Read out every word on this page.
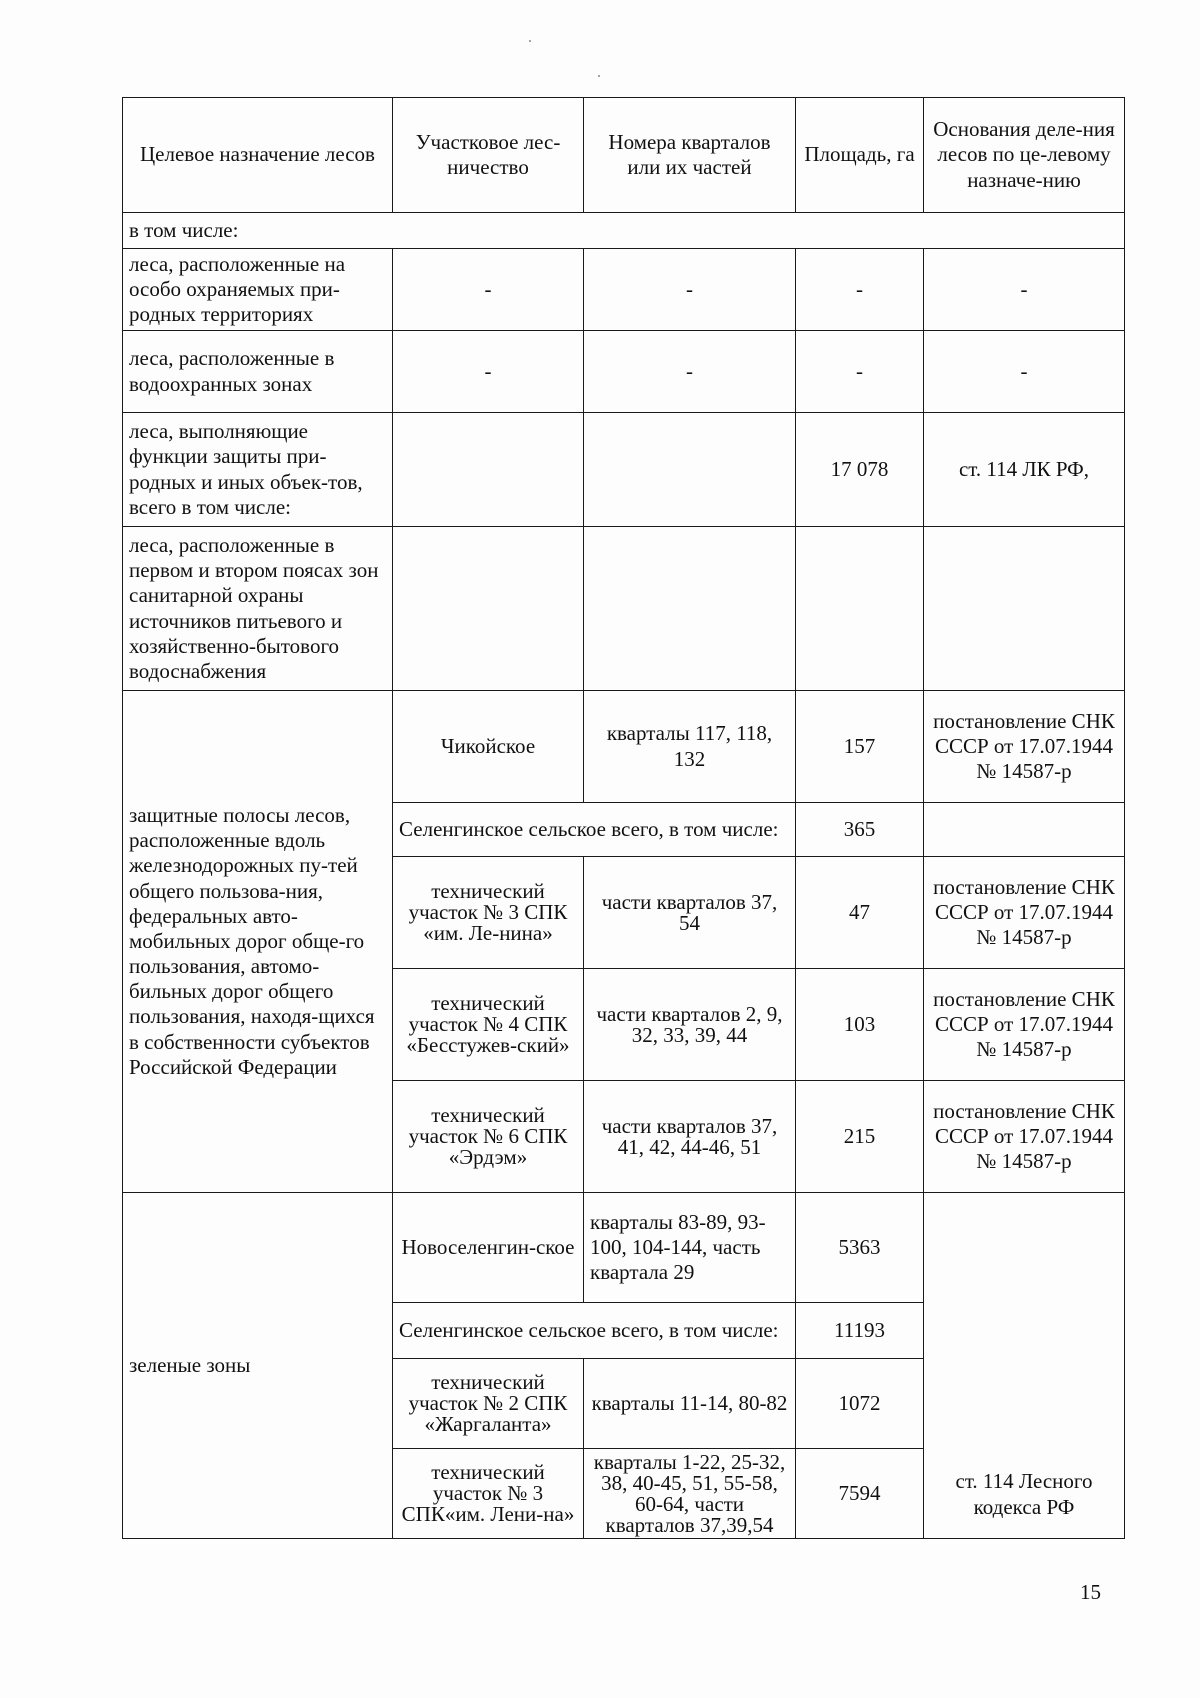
Целевое назначение лесов	Участковое лес-ничество	Номера кварталов или их частей	Площадь, га	Основания деле-ния лесов по це-левому назначе-нию
в том числе:				
леса, расположенные на особо охраняемых при-родных территориях	-	-	-	-
леса, расположенные в водоохранных зонах	-	-	-	-
леса, выполняющие функции защиты при-родных и иных объек-тов, всего в том числе:			17 078	ст. 114 ЛК РФ,
леса, расположенные в первом и втором поясах зон санитарной охраны источников питьевого и хозяйственно-бытового водоснабжения				
защитные полосы лесов, расположенные вдоль железнодорожных пу-тей общего пользова-ния, федеральных авто-мобильных дорог обще-го пользования, автомо-бильных дорог общего пользования, находя-щихся в собственности субъектов Российской Федерации	Чикойское	кварталы 117, 118, 132	157	постановление СНК СССР от 17.07.1944 № 14587-р
	Селенгинское сельское всего, в том числе:		365	
	технический участок № 3 СПК «им. Ле-нина»	части кварталов 37, 54	47	постановление СНК СССР от 17.07.1944 № 14587-р
	технический участок № 4 СПК «Бесстужев-ский»	части кварталов 2, 9, 32, 33, 39, 44	103	постановление СНК СССР от 17.07.1944 № 14587-р
	технический участок № 6 СПК «Эрдэм»	части кварталов 37, 41, 42, 44-46, 51	215	постановление СНК СССР от 17.07.1944 № 14587-р
зеленые зоны	Новоселенгин-ское	кварталы 83-89, 93-100, 104-144, часть квартала 29	5363	ст. 114 Лесного кодекса РФ
	Селенгинское сельское всего, в том числе:		11193	
	технический участок № 2 СПК «Жаргаланта»	кварталы 11-14, 80-82	1072	
	технический участок № 3 СПК«им. Лени-на»	кварталы 1-22, 25-32, 38, 40-45, 51, 55-58, 60-64, части кварталов 37,39,54	7594	
15
